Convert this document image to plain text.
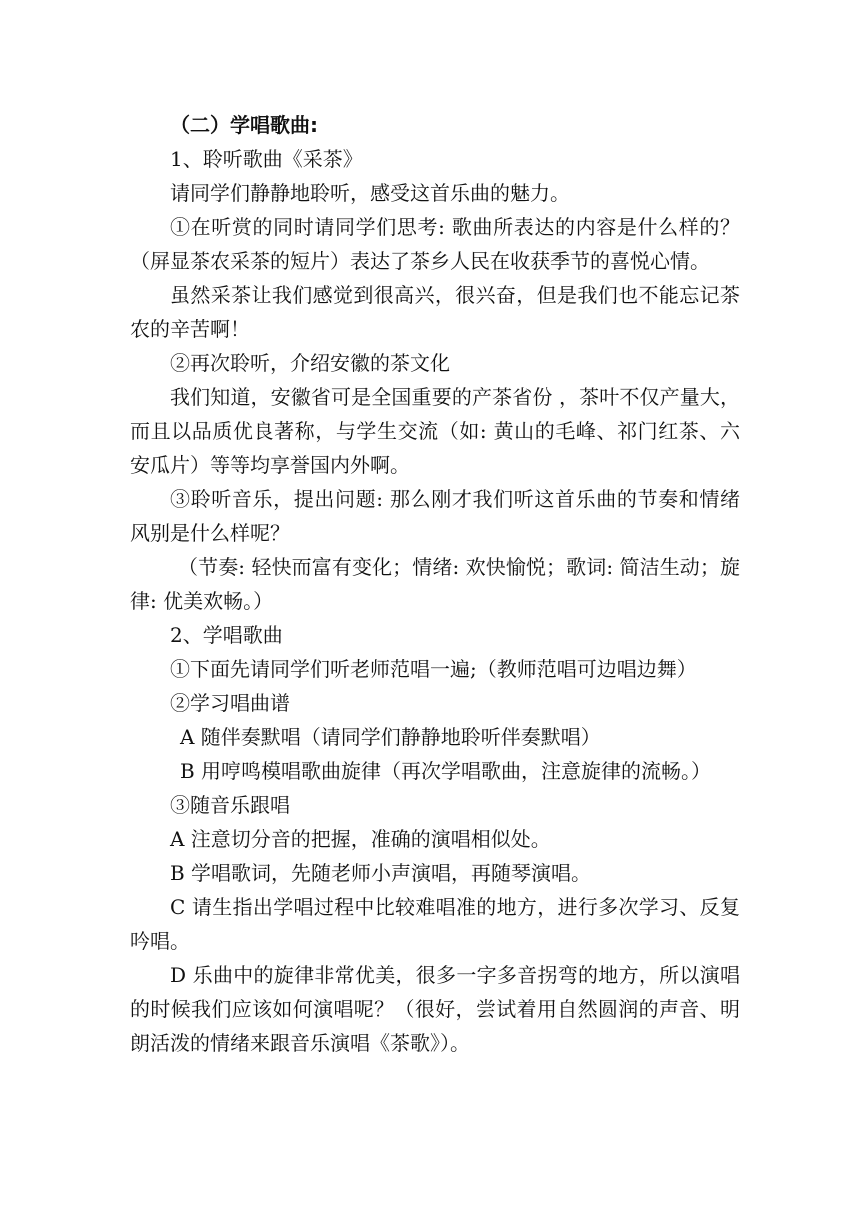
（二）学唱歌曲:

1、聆听歌曲《采茶》

请同学们静静地聆听，感受这首乐曲的魅力。

①在听赏的同时请同学们思考: 歌曲所表达的内容是什么样的？（屏显茶农采茶的短片）表达了茶乡人民在收获季节的喜悦心情。

虽然采茶让我们感觉到很高兴，很兴奋，但是我们也不能忘记茶农的辛苦啊！

②再次聆听，介绍安徽的茶文化

我们知道，安徽省可是全国重要的产茶省份 ，茶叶不仅产量大，而且以品质优良著称，与学生交流（如: 黄山的毛峰、祁门红茶、六安瓜片）等等均享誉国内外啊。

③聆听音乐，提出问题: 那么刚才我们听这首乐曲的节奏和情绪风别是什么样呢？

（节奏: 轻快而富有变化；情绪: 欢快愉悦；歌词: 简洁生动；旋律: 优美欢畅。）

2、学唱歌曲

①下面先请同学们听老师范唱一遍;（教师范唱可边唱边舞）

②学习唱曲谱

A 随伴奏默唱（请同学们静静地聆听伴奏默唱）

B 用哼鸣模唱歌曲旋律（再次学唱歌曲，注意旋律的流畅。）

③随音乐跟唱

A 注意切分音的把握，准确的演唱相似处。

B 学唱歌词，先随老师小声演唱，再随琴演唱。

C 请生指出学唱过程中比较难唱准的地方，进行多次学习、反复吟唱。

D 乐曲中的旋律非常优美，很多一字多音拐弯的地方，所以演唱的时候我们应该如何演唱呢？（很好，尝试着用自然圆润的声音、明朗活泼的情绪来跟音乐演唱《茶歌》）。
